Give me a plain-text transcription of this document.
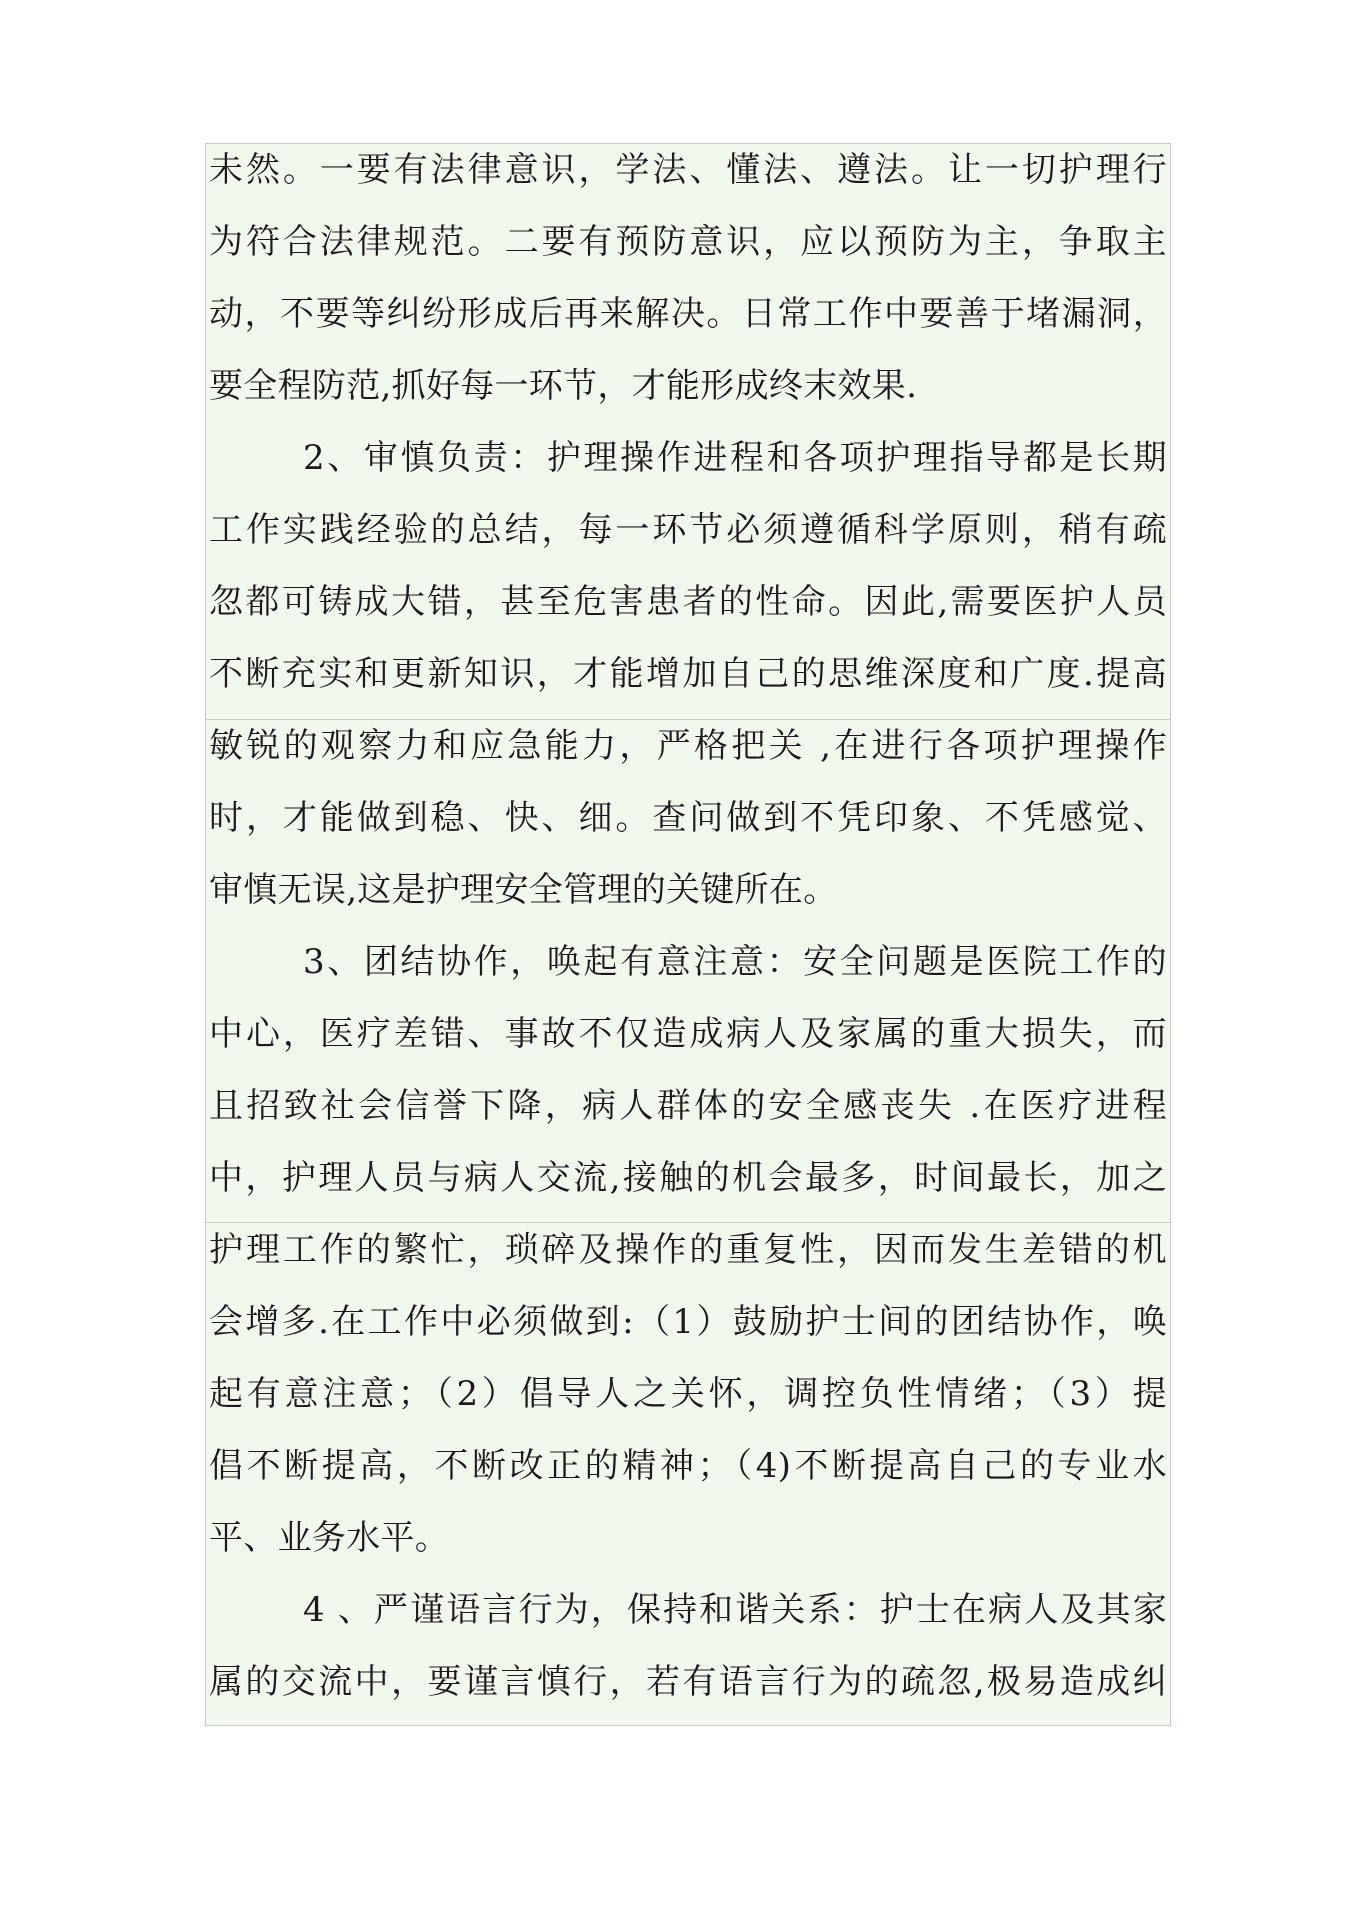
未然。一要有法律意识，学法、懂法、遵法。让一切护理行
为符合法律规范。二要有预防意识，应以预防为主，争取主
动，不要等纠纷形成后再来解决。日常工作中要善于堵漏洞，
要全程防范,抓好每一环节，才能形成终末效果.
2、审慎负责：护理操作进程和各项护理指导都是长期
工作实践经验的总结，每一环节必须遵循科学原则，稍有疏
忽都可铸成大错，甚至危害患者的性命。因此,需要医护人员
不断充实和更新知识，才能增加自己的思维深度和广度.提高
敏锐的观察力和应急能力，严格把关 ,在进行各项护理操作
时，才能做到稳、快、细。查问做到不凭印象、不凭感觉、
审慎无误,这是护理安全管理的关键所在。
3、团结协作，唤起有意注意：安全问题是医院工作的
中心，医疗差错、事故不仅造成病人及家属的重大损失，而
且招致社会信誉下降，病人群体的安全感丧失 .在医疗进程
中，护理人员与病人交流,接触的机会最多，时间最长，加之
护理工作的繁忙，琐碎及操作的重复性，因而发生差错的机
会增多.在工作中必须做到:（1）鼓励护士间的团结协作，唤
起有意注意；（2）倡导人之关怀，调控负性情绪；（3）提
倡不断提高，不断改正的精神；（4)不断提高自己的专业水
平、业务水平。
4 、严谨语言行为，保持和谐关系：护士在病人及其家
属的交流中，要谨言慎行，若有语言行为的疏忽,极易造成纠
